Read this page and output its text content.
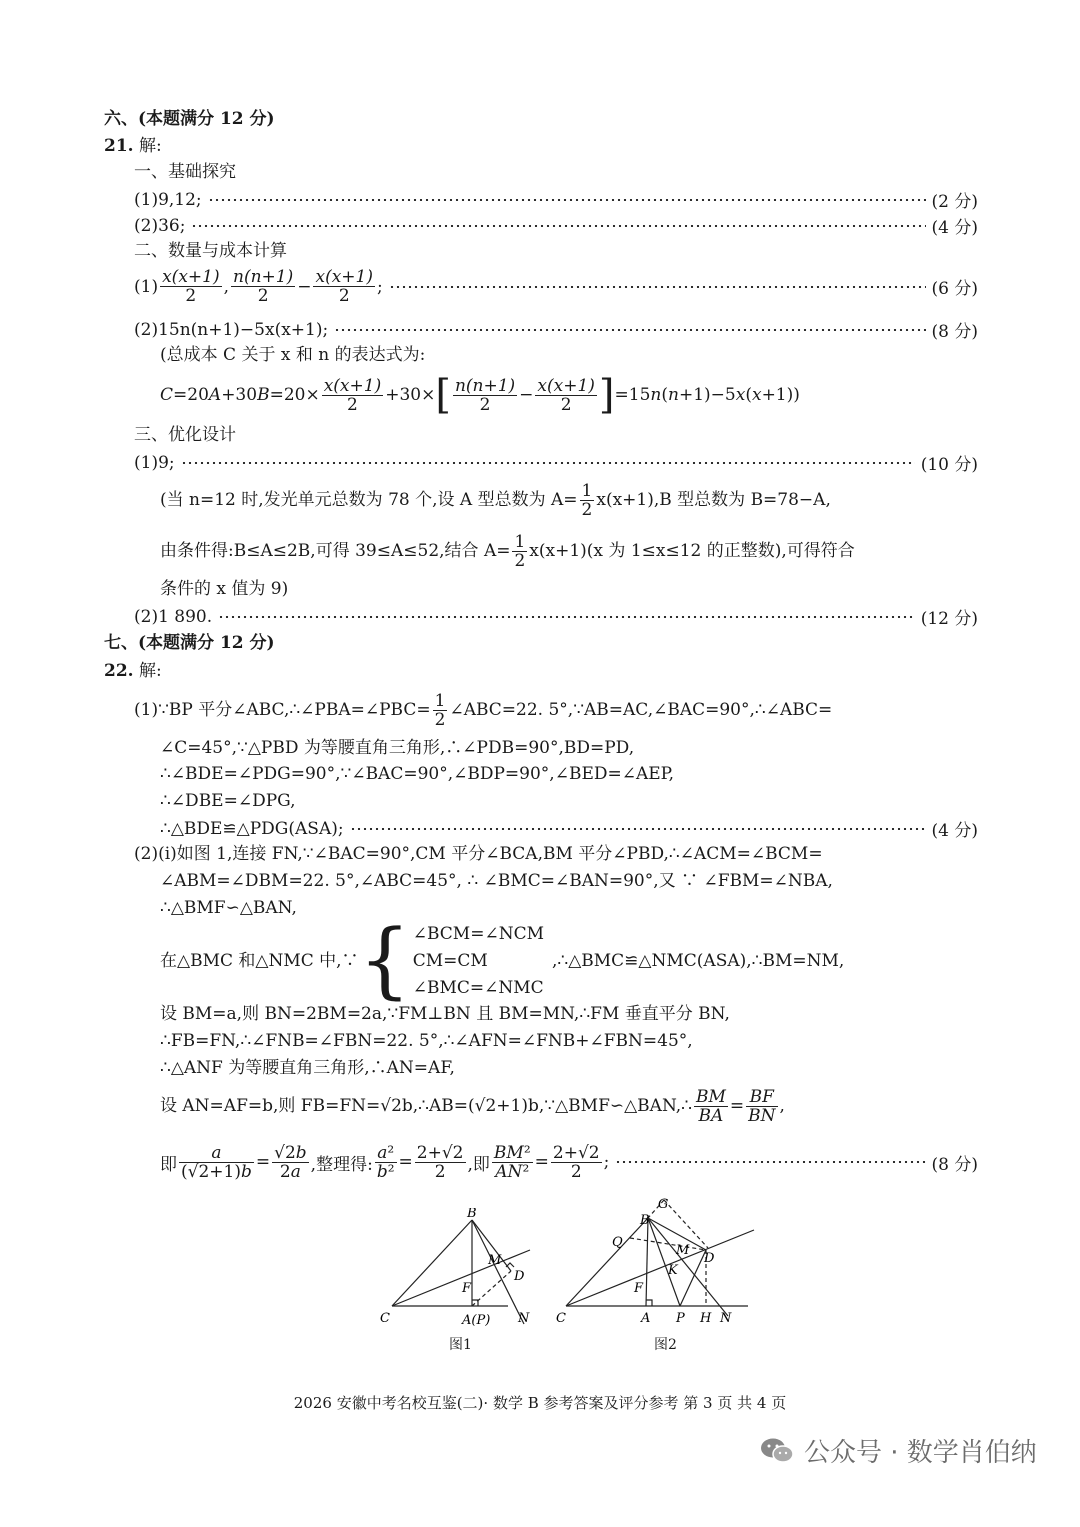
六、(本题满分 12 分)
21. 解:
一、基础探究
(1)9,12;	(2 分)
(2)36;	(4 分)
二、数量与成本计算
$(1) \frac{x(x+1)}{2}$ , $\frac{n(n+1)}{2} - \frac{x(x+1)}{2}$ ;	(6 分)
(2)15n(n+1)−5x(x+1);	(8 分)
(总成本 C 关于 x 和 n 的表达式为:
C =20 A +30 $B =20\times \frac{x(x+1)}{2} +30\times$ [ $\frac{n(n+1)}{2} - \frac{x(x+1)}{2}$ ] =15 n ( n +1)−5 x ( x +1))
三、优化设计
(1)9;	(10 分)
(当 n=12 时,发光单元总数为 78 个,设 A 型总数为 $A= \frac{1}{2} x(x+1),B$ 型总数为 B=78−A,
由条件得:B≤A≤2B,可得 39≤A≤52,结合 $A= \frac{1}{2} x(x+1)(x$ 为 1≤x≤12 的正整数),可得符合
条件的 x 值为 9)
(2)1 890.	(12 分)
七、(本题满分 12 分)
22. 解:
(1)∵BP 平分∠ABC,∴∠PBA=∠PBC= $\frac{1}{2}$ ∠ABC=22. 5°,∵AB=AC,∠BAC=90°,∴∠ABC=
∠C=45°,∵△PBD 为等腰直角三角形,∴∠PDB=90°,BD=PD,
∴∠BDE=∠PDG=90°,∵∠BAC=90°,∠BDP=90°,∠BED=∠AEP,
∴∠DBE=∠DPG,
∴△BDE≌△PDG(ASA);	(4 分)
(2)(ⅰ)如图 1,连接 FN,∵∠BAC=90°,CM 平分∠BCA,BM 平分∠PBD,∴∠ACM=∠BCM=
∠ABM=∠DBM=22. 5°,∠ABC=45°, ∴ ∠BMC=∠BAN=90°,又 ∵ ∠FBM=∠NBA,
∴△BMF∽△BAN,
在△BMC 和△NMC 中,∵ { ∠BCM=∠NCM
CM=CM
∠BMC=∠NMC
,∴△BMC≌△NMC(ASA),∴BM=NM,
设 BM=a,则 BN=2BM=2a,∵FM⊥BN 且 BM=MN,∴FM 垂直平分 BN,
∴FB=FN,∴∠FNB=∠FBN=22. 5°,∴∠AFN=∠FNB+∠FBN=45°,
∴△ANF 为等腰直角三角形,∴AN=AF,
设 AN=AF=b,则 FB=FN=√2b,∴AB=(√2+1)b,∵△BMF∽△BAN,∴ $\frac{BM}{BA} = \frac{BF}{BN}$ ,
即 $\frac{a}{(√2+1)b} = \frac{√2b}{2a}$ ,整理得: $\frac{\text{a²}}{\text{b²}} = \frac{2+√2}{2}$ ,即 $\frac{\text{BM²}}{\text{AN²}} = \frac{2+√2}{2}$ ;	(8 分)
B
M
D
F
C	A(P) N
图1
G
B
Q
M
D
K
F
C	A P H N
图2
2026 安徽中考名校互鉴(二)· 数学 B 参考答案及评分参考 第 3 页 共 4 页
公众号 · 数学肖伯纳
